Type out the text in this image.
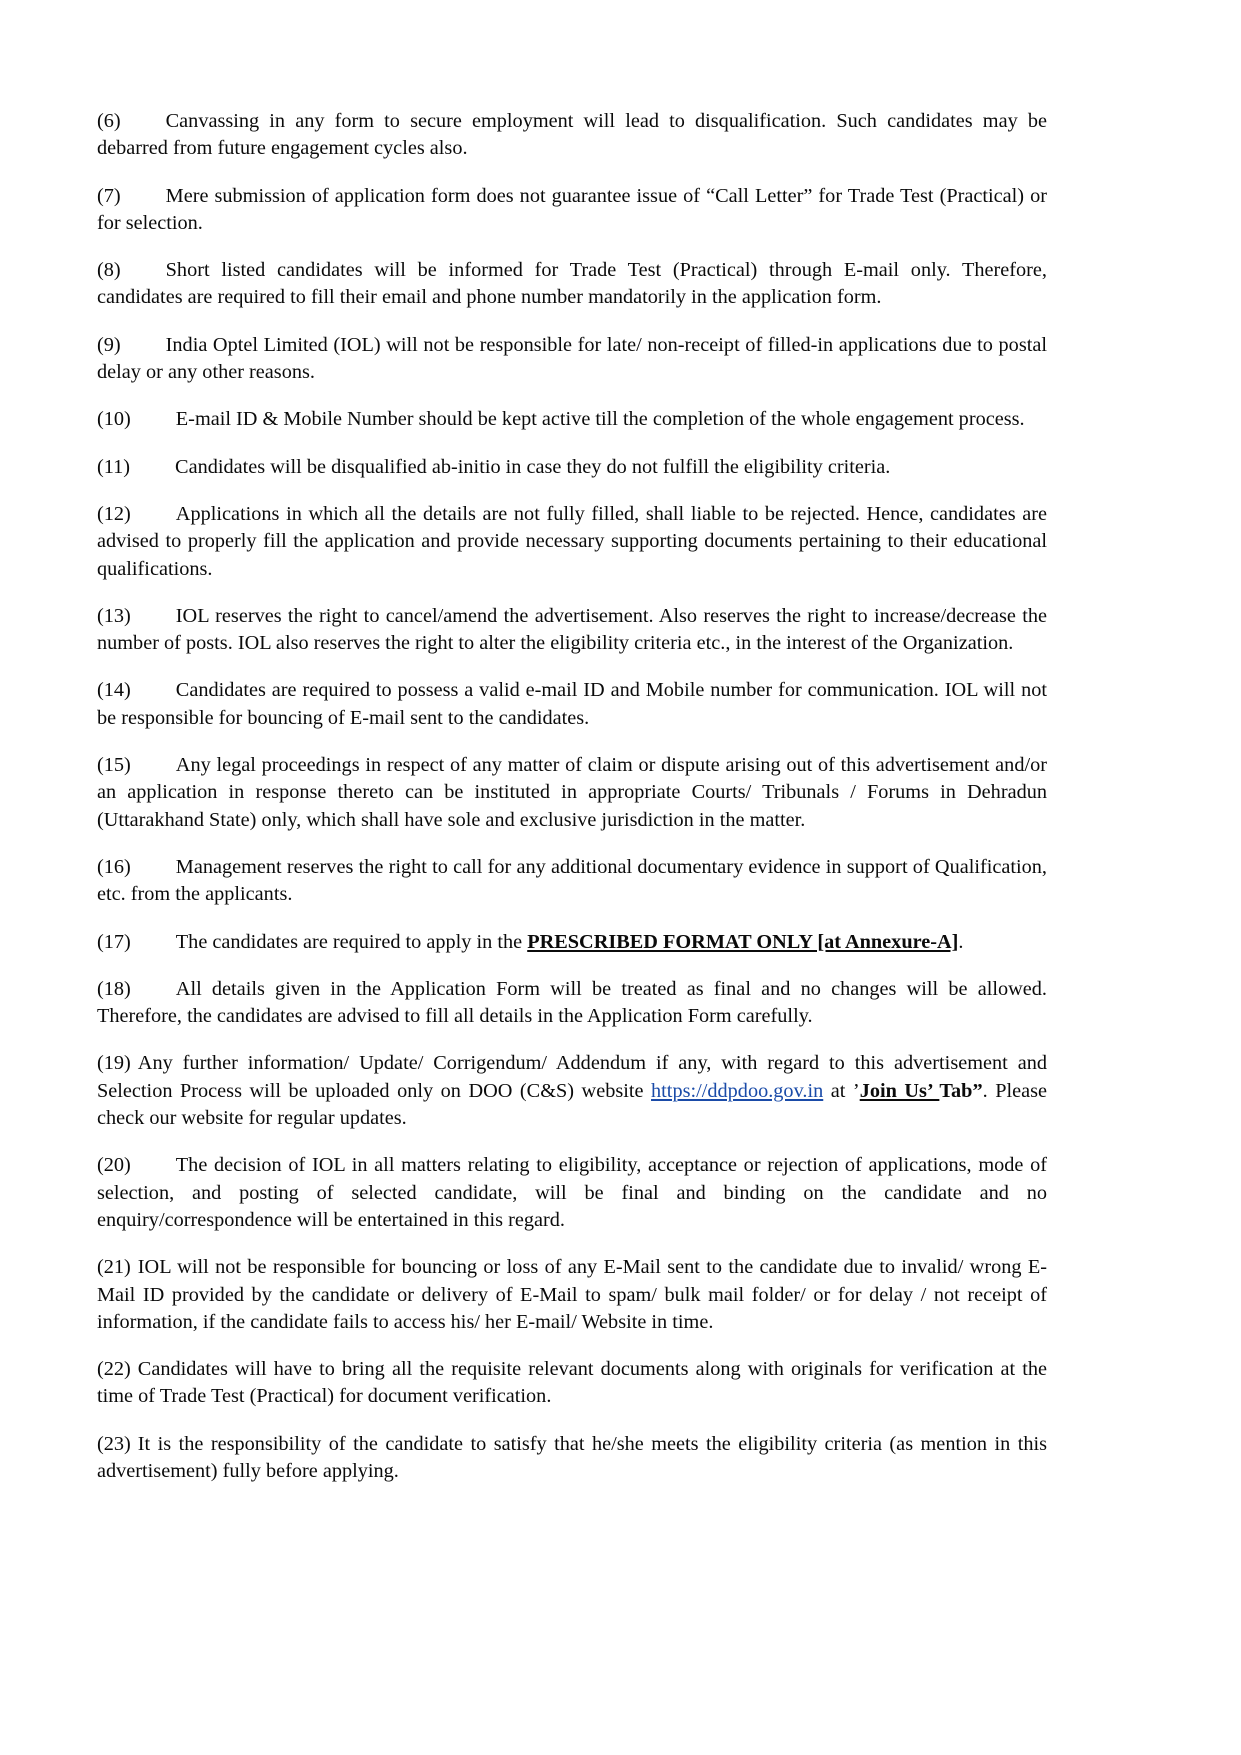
(6) Canvassing in any form to secure employment will lead to disqualification. Such candidates may be debarred from future engagement cycles also.
(7) Mere submission of application form does not guarantee issue of “Call Letter” for Trade Test (Practical) or for selection.
(8) Short listed candidates will be informed for Trade Test (Practical) through E-mail only. Therefore, candidates are required to fill their email and phone number mandatorily in the application form.
(9) India Optel Limited (IOL) will not be responsible for late/ non-receipt of filled-in applications due to postal delay or any other reasons.
(10) E-mail ID & Mobile Number should be kept active till the completion of the whole engagement process.
(11) Candidates will be disqualified ab-initio in case they do not fulfill the eligibility criteria.
(12) Applications in which all the details are not fully filled, shall liable to be rejected. Hence, candidates are advised to properly fill the application and provide necessary supporting documents pertaining to their educational qualifications.
(13) IOL reserves the right to cancel/amend the advertisement. Also reserves the right to increase/decrease the number of posts. IOL also reserves the right to alter the eligibility criteria etc., in the interest of the Organization.
(14) Candidates are required to possess a valid e-mail ID and Mobile number for communication. IOL will not be responsible for bouncing of E-mail sent to the candidates.
(15) Any legal proceedings in respect of any matter of claim or dispute arising out of this advertisement and/or an application in response thereto can be instituted in appropriate Courts/ Tribunals / Forums in Dehradun (Uttarakhand State) only, which shall have sole and exclusive jurisdiction in the matter.
(16) Management reserves the right to call for any additional documentary evidence in support of Qualification, etc. from the applicants.
(17) The candidates are required to apply in the PRESCRIBED FORMAT ONLY [at Annexure-A].
(18) All details given in the Application Form will be treated as final and no changes will be allowed. Therefore, the candidates are advised to fill all details in the Application Form carefully.
(19) Any further information/ Update/ Corrigendum/ Addendum if any, with regard to this advertisement and Selection Process will be uploaded only on DOO (C&S) website https://ddpdoo.gov.in at ’Join Us’ Tab”. Please check our website for regular updates.
(20) The decision of IOL in all matters relating to eligibility, acceptance or rejection of applications, mode of selection, and posting of selected candidate, will be final and binding on the candidate and no enquiry/correspondence will be entertained in this regard.
(21) IOL will not be responsible for bouncing or loss of any E-Mail sent to the candidate due to invalid/ wrong E-Mail ID provided by the candidate or delivery of E-Mail to spam/ bulk mail folder/ or for delay / not receipt of information, if the candidate fails to access his/ her E-mail/ Website in time.
(22) Candidates will have to bring all the requisite relevant documents along with originals for verification at the time of Trade Test (Practical) for document verification.
(23) It is the responsibility of the candidate to satisfy that he/she meets the eligibility criteria (as mention in this advertisement) fully before applying.
